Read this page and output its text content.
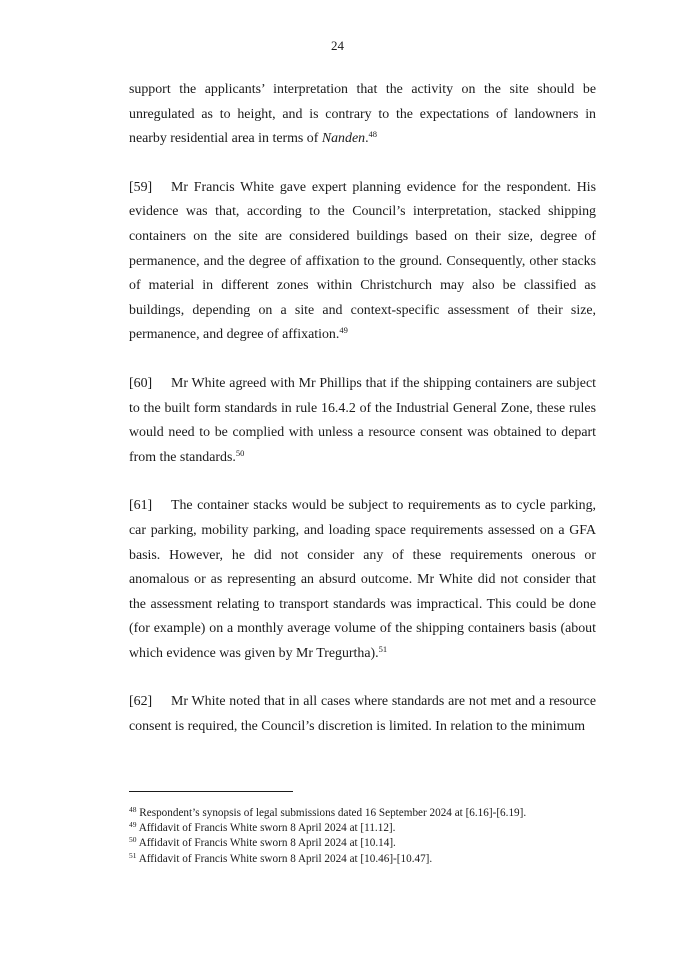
24

support the applicants’ interpretation that the activity on the site should be unregulated as to height, and is contrary to the expectations of landowners in nearby residential area in terms of Nanden.$^{48}$

[59] Mr Francis White gave expert planning evidence for the respondent. His evidence was that, according to the Council’s interpretation, stacked shipping containers on the site are considered buildings based on their size, degree of permanence, and the degree of affixation to the ground. Consequently, other stacks of material in different zones within Christchurch may also be classified as buildings, depending on a site and context-specific assessment of their size, permanence, and degree of affixation.$^{49}$

[60] Mr White agreed with Mr Phillips that if the shipping containers are subject to the built form standards in rule 16.4.2 of the Industrial General Zone, these rules would need to be complied with unless a resource consent was obtained to depart from the standards.$^{50}$

[61] The container stacks would be subject to requirements as to cycle parking, car parking, mobility parking, and loading space requirements assessed on a GFA basis. However, he did not consider any of these requirements onerous or anomalous or as representing an absurd outcome. Mr White did not consider that the assessment relating to transport standards was impractical. This could be done (for example) on a monthly average volume of the shipping containers basis (about which evidence was given by Mr Tregurtha).$^{51}$

[62] Mr White noted that in all cases where standards are not met and a resource consent is required, the Council’s discretion is limited. In relation to the minimum

$^{48}$ Respondent’s synopsis of legal submissions dated 16 September 2024 at [6.16]-[6.19].
$^{49}$ Affidavit of Francis White sworn 8 April 2024 at [11.12].
$^{50}$ Affidavit of Francis White sworn 8 April 2024 at [10.14].
$^{51}$ Affidavit of Francis White sworn 8 April 2024 at [10.46]-[10.47].
